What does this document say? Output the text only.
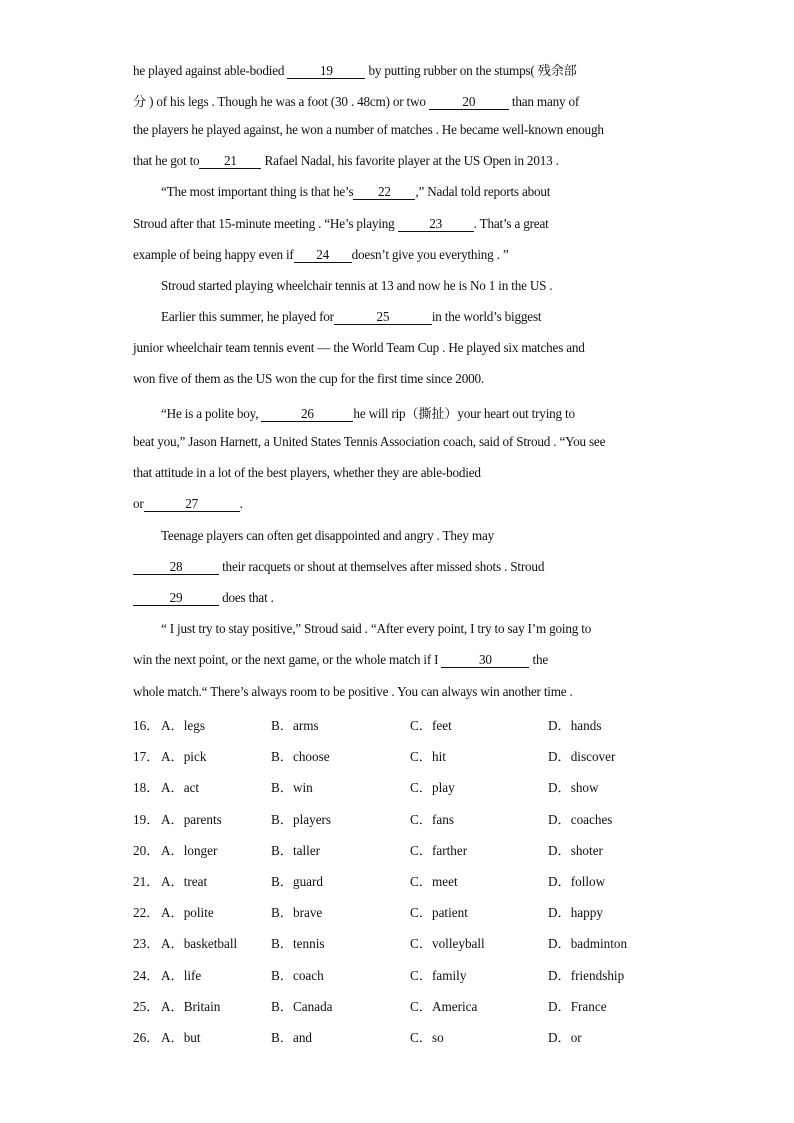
he played against able-bodied 19 by putting rubber on the stumps( 残余部
分 ) of his legs . Though he was a foot (30 . 48cm) or two	20	than many of
the players he played against, he won a number of matches . He became well-known enough
that he got to 21 Rafael Nadal, his favorite player at the US Open in 2013 .
“The most important thing is that he’s 22 ,” Nadal told reports about
Stroud after that 15-minute meeting . “He’s playing 23 . That’s a great
example of being happy even if 24 doesn’t give you everything . ”
Stroud started playing wheelchair tennis at 13 and now he is No 1 in the US .
Earlier this summer, he played for	25	in the world’s biggest
junior wheelchair team tennis event — the World Team Cup . He played six matches and
won five of them as the US won the cup for the first time since 2000.
“He is a polite boy,	26	he will rip（撕扯）your heart out trying to
beat you,” Jason Harnett, a United States Tennis Association coach, said of Stroud . “You see
that attitude in a lot of the best players, whether they are able-bodied
or	27	.
Teenage players can often get disappointed and angry . They may
28	their racquets or shout at themselves after missed shots . Stroud
29	does that .
“ I just try to stay positive,” Stroud said . “After every point, I try to say I’m going to
win the next point, or the next game, or the whole match if I	30	the
whole match.“ There’s always room to be positive . You can always win another time .
16． A．legs	B．arms	C．feet	D．hands
17． A．pick	B．choose	C．hit	D．discover
18． A．act	B．win	C．play	D．show
19． A．parents	B．players	C．fans	D．coaches
20． A．longer	B．taller	C．farther	D．shoter
21． A．treat	B．guard	C．meet	D．follow
22． A．polite	B．brave	C．patient	D．happy
23． A．basketball	B．tennis	C．volleyball	D．badminton
24． A．life	B．coach	C．family	D．friendship
25． A．Britain	B．Canada	C．America	D．France
26． A．but	B．and	C．so	D．or
